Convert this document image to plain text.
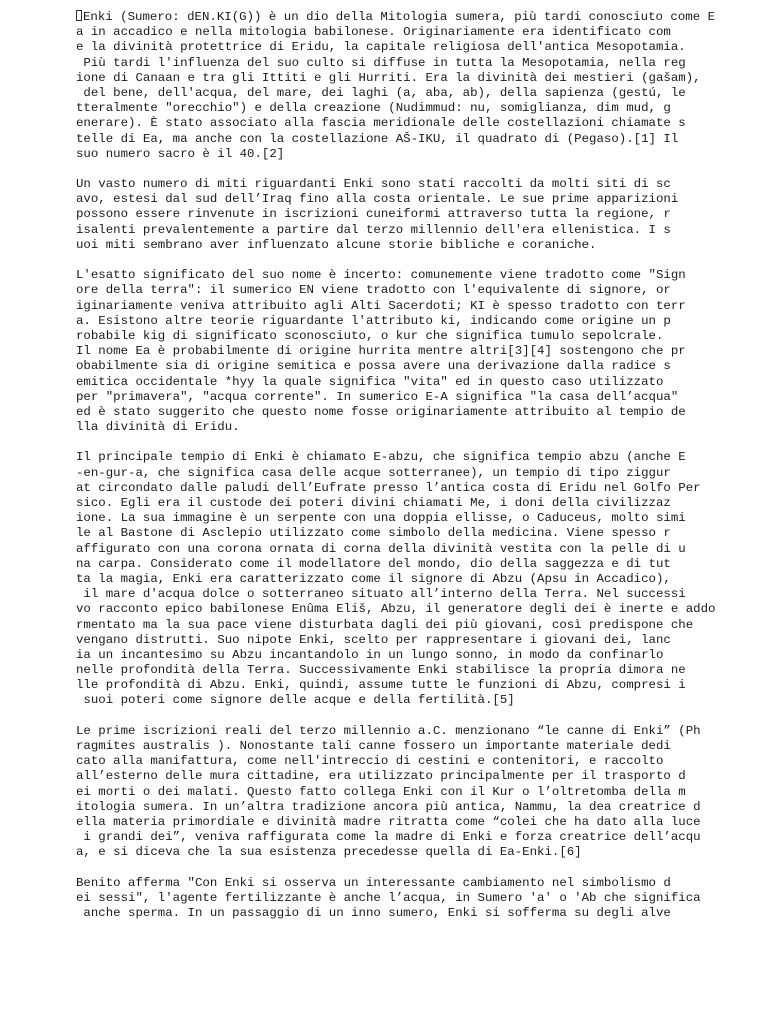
Enki (Sumero: dEN.KI(G)) è un dio della Mitologia sumera, più tardi conosciuto come E
a in accadico e nella mitologia babilonese. Originariamente era identificato com
e la divinità protettrice di Eridu, la capitale religiosa dell'antica Mesopotamia.
Più tardi l'influenza del suo culto si diffuse in tutta la Mesopotamia, nella reg
ione di Canaan e tra gli Ittiti e gli Hurriti. Era la divinità dei mestieri (gašam),
del bene, dell'acqua, del mare, dei laghi (a, aba, ab), della sapienza (gestú, le
tteralmente "orecchio") e della creazione (Nudimmud: nu, somiglianza, dim mud, g
enerare). È stato associato alla fascia meridionale delle costellazioni chiamate s
telle di Ea, ma anche con la costellazione AŠ-IKU, il quadrato di (Pegaso).[1] Il
suo numero sacro è il 40.[2]
Un vasto numero di miti riguardanti Enki sono stati raccolti da molti siti di sc
avo, estesi dal sud dell’Iraq fino alla costa orientale. Le sue prime apparizioni
possono essere rinvenute in iscrizioni cuneiformi attraverso tutta la regione, r
isalenti prevalentemente a partire dal terzo millennio dell'era ellenistica. I s
uoi miti sembrano aver influenzato alcune storie bibliche e coraniche.
L'esatto significato del suo nome è incerto: comunemente viene tradotto come "Sign
ore della terra": il sumerico EN viene tradotto con l'equivalente di signore, or
iginariamente veniva attribuito agli Alti Sacerdoti; KI è spesso tradotto con terr
a. Esistono altre teorie riguardante l'attributo ki, indicando come origine un p
robabile kig di significato sconosciuto, o kur che significa tumulo sepolcrale.
Il nome Ea è probabilmente di origine hurrita mentre altri[3][4] sostengono che pr
obabilmente sia di origine semitica e possa avere una derivazione dalla radice s
emitica occidentale *hyy la quale significa "vita" ed in questo caso utilizzato
per "primavera", "acqua corrente". In sumerico E-A significa "la casa dell’acqua"
ed è stato suggerito che questo nome fosse originariamente attribuito al tempio de
lla divinità di Eridu.
Il principale tempio di Enki è chiamato E-abzu, che significa tempio abzu (anche E
-en-gur-a, che significa casa delle acque sotterranee), un tempio di tipo ziggur
at circondato dalle paludi dell’Eufrate presso l’antica costa di Eridu nel Golfo Per
sico. Egli era il custode dei poteri divini chiamati Me, i doni della civilizzaz
ione. La sua immagine è un serpente con una doppia ellisse, o Caduceus, molto simi
le al Bastone di Asclepio utilizzato come simbolo della medicina. Viene spesso r
affigurato con una corona ornata di corna della divinità vestita con la pelle di u
na carpa. Considerato come il modellatore del mondo, dio della saggezza e di tut
ta la magia, Enki era caratterizzato come il signore di Abzu (Apsu in Accadico),
il mare d'acqua dolce o sotterraneo situato all’interno della Terra. Nel successi
vo racconto epico babilonese Enûma Eliš, Abzu, il generatore degli dei è inerte e addo
rmentato ma la sua pace viene disturbata dagli dei più giovani, così predispone che
vengano distrutti. Suo nipote Enki, scelto per rappresentare i giovani dei, lanc
ia un incantesimo su Abzu incantandolo in un lungo sonno, in modo da confinarlo
nelle profondità della Terra. Successivamente Enki stabilisce la propria dimora ne
lle profondità di Abzu. Enki, quindi, assume tutte le funzioni di Abzu, compresi i
suoi poteri come signore delle acque e della fertilità.[5]
Le prime iscrizioni reali del terzo millennio a.C. menzionano “le canne di Enki” (Ph
ragmites australis ). Nonostante tali canne fossero un importante materiale dedi
cato alla manifattura, come nell'intreccio di cestini e contenitori, e raccolto
all’esterno delle mura cittadine, era utilizzato principalmente per il trasporto d
ei morti o dei malati. Questo fatto collega Enki con il Kur o l’oltretomba della m
itologia sumera. In un’altra tradizione ancora più antica, Nammu, la dea creatrice d
ella materia primordiale e divinità madre ritratta come “colei che ha dato alla luce
i grandi dei”, veniva raffigurata come la madre di Enki e forza creatrice dell’acqu
a, e si diceva che la sua esistenza precedesse quella di Ea-Enki.[6]
Benito afferma "Con Enki si osserva un interessante cambiamento nel simbolismo d
ei sessi", l'agente fertilizzante è anche l’acqua, in Sumero 'a' o 'Ab che significa
anche sperma. In un passaggio di un inno sumero, Enki si sofferma su degli alve
